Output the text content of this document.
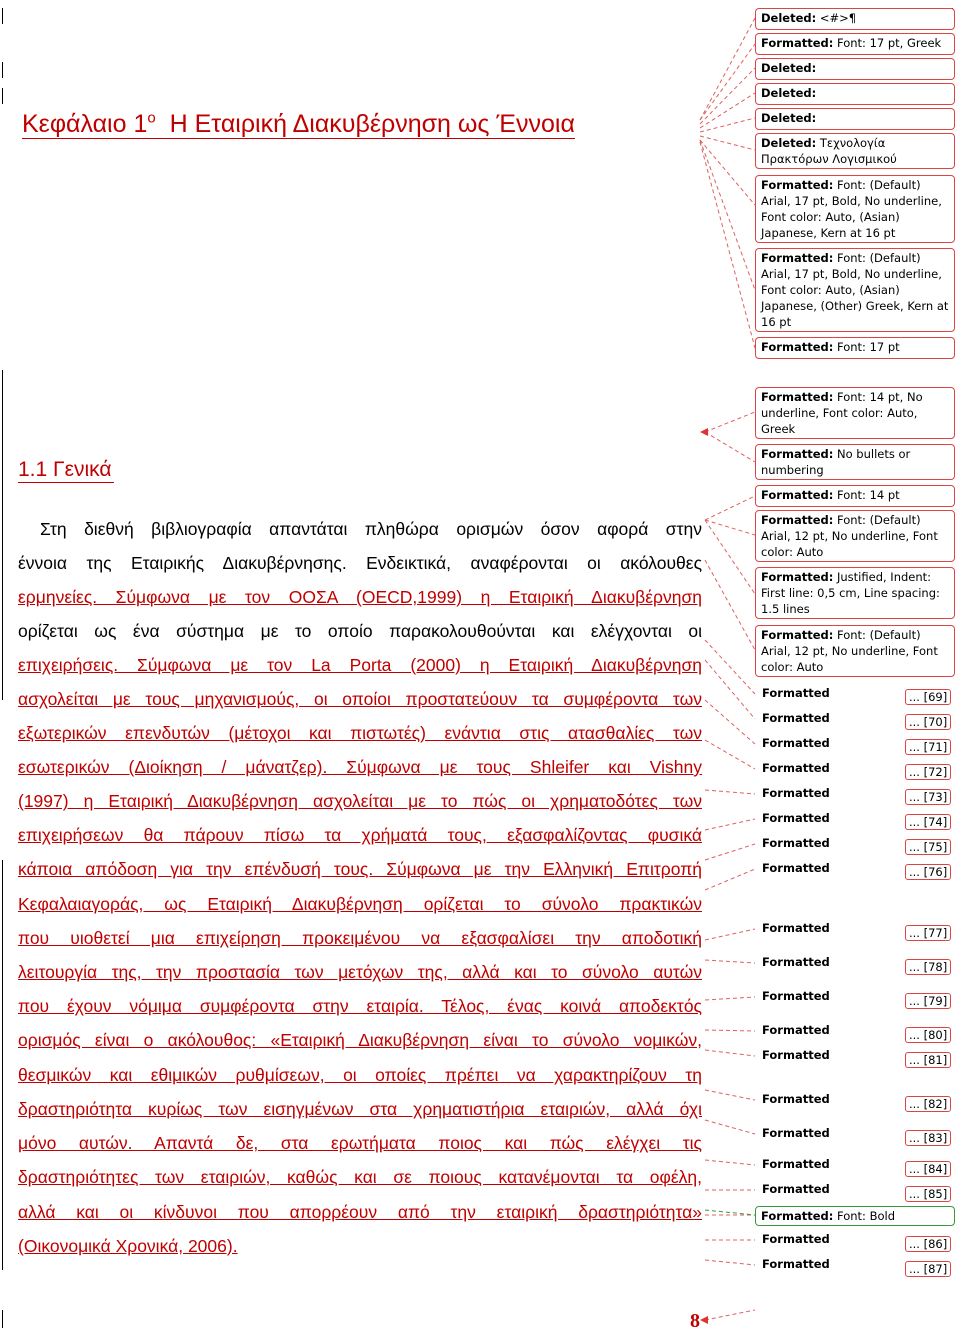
Κεφάλαιο $1^o$ Η Εταιρική Διακυβέρνηση ως Έννοια
1.1 Γενικά
Στη διεθνή βιβλιογραφία απαντάται πληθώρα ορισμών όσον αφορά στην
έννοια της Εταιρικής Διακυβέρνησης. Ενδεικτικά, αναφέρονται οι ακόλουθες
ερμηνείες. Σύμφωνα με τον ΟΟΣΑ (OECD,1999) η Εταιρική Διακυβέρνηση
ορίζεται ως ένα σύστημα με το οποίο παρακολουθούνται και ελέγχονται οι
επιχειρήσεις. Σύμφωνα με τον La Porta (2000) η Εταιρική Διακυβέρνηση
ασχολείται με τους μηχανισμούς, οι οποίοι προστατεύουν τα συμφέροντα των
εξωτερικών επενδυτών (μέτοχοι και πιστωτές) ενάντια στις ατασθαλίες των
εσωτερικών (Διοίκηση / μάνατζερ). Σύμφωνα με τους Shleifer και Vishny
(1997) η Εταιρική Διακυβέρνηση ασχολείται με το πώς οι χρηματοδότες των
επιχειρήσεων θα πάρουν πίσω τα χρήματά τους, εξασφαλίζοντας φυσικά
κάποια απόδοση για την επένδυσή τους. Σύμφωνα με την Ελληνική Επιτροπή
Κεφαλαιαγοράς, ως Εταιρική Διακυβέρνηση ορίζεται το σύνολο πρακτικών
που υιοθετεί μια επιχείρηση προκειμένου να εξασφαλίσει την αποδοτική
λειτουργία της, την προστασία των μετόχων της, αλλά και το σύνολο αυτών
που έχουν νόμιμα συμφέροντα στην εταιρία. Τέλος, ένας κοινά αποδεκτός
ορισμός είναι ο ακόλουθος: «Εταιρική Διακυβέρνηση είναι το σύνολο νομικών,
θεσμικών και εθιμικών ρυθμίσεων, οι οποίες πρέπει να χαρακτηρίζουν τη
δραστηριότητα κυρίως των εισηγμένων στα χρηματιστήρια εταιριών, αλλά όχι
μόνο αυτών. Απαντά δε, στα ερωτήματα ποιος και πώς ελέγχει τις
δραστηριότητες των εταιριών, καθώς και σε ποιους κατανέμονται τα οφέλη,
αλλά και οι κίνδυνοι που απορρέουν από την εταιρική δραστηριότητα»
(Οικονομικά Χρονικά, 2006).
8
Deleted: <#>¶
Formatted: Font: 17 pt, Greek
Deleted:
Deleted:
Deleted:
Deleted: Τεχνολογία Πρακτόρων Λογισμικού
Formatted: Font: (Default) Arial, 17 pt, Bold, No underline, Font color: Auto, (Asian) Japanese, Kern at 16 pt
Formatted: Font: (Default) Arial, 17 pt, Bold, No underline, Font color: Auto, (Asian) Japanese, (Other) Greek, Kern at 16 pt
Formatted: Font: 17 pt
Formatted: Font: 14 pt, No underline, Font color: Auto, Greek
Formatted: No bullets or numbering
Formatted: Font: 14 pt
Formatted: Font: (Default) Arial, 12 pt, No underline, Font color: Auto
Formatted: Justified, Indent: First line: 0,5 cm, Line spacing: 1.5 lines
Formatted: Font: (Default) Arial, 12 pt, No underline, Font color: Auto
Formatted	... [69]
Formatted	... [70]
Formatted	... [71]
Formatted	... [72]
Formatted	... [73]
Formatted	... [74]
Formatted	... [75]
Formatted	... [76]
Formatted	... [77]
Formatted	... [78]
Formatted	... [79]
Formatted	... [80]
Formatted	... [81]
Formatted	... [82]
Formatted	... [83]
Formatted	... [84]
Formatted	... [85]
Formatted	... [86]
Formatted	... [87]
Formatted: Font: Bold
